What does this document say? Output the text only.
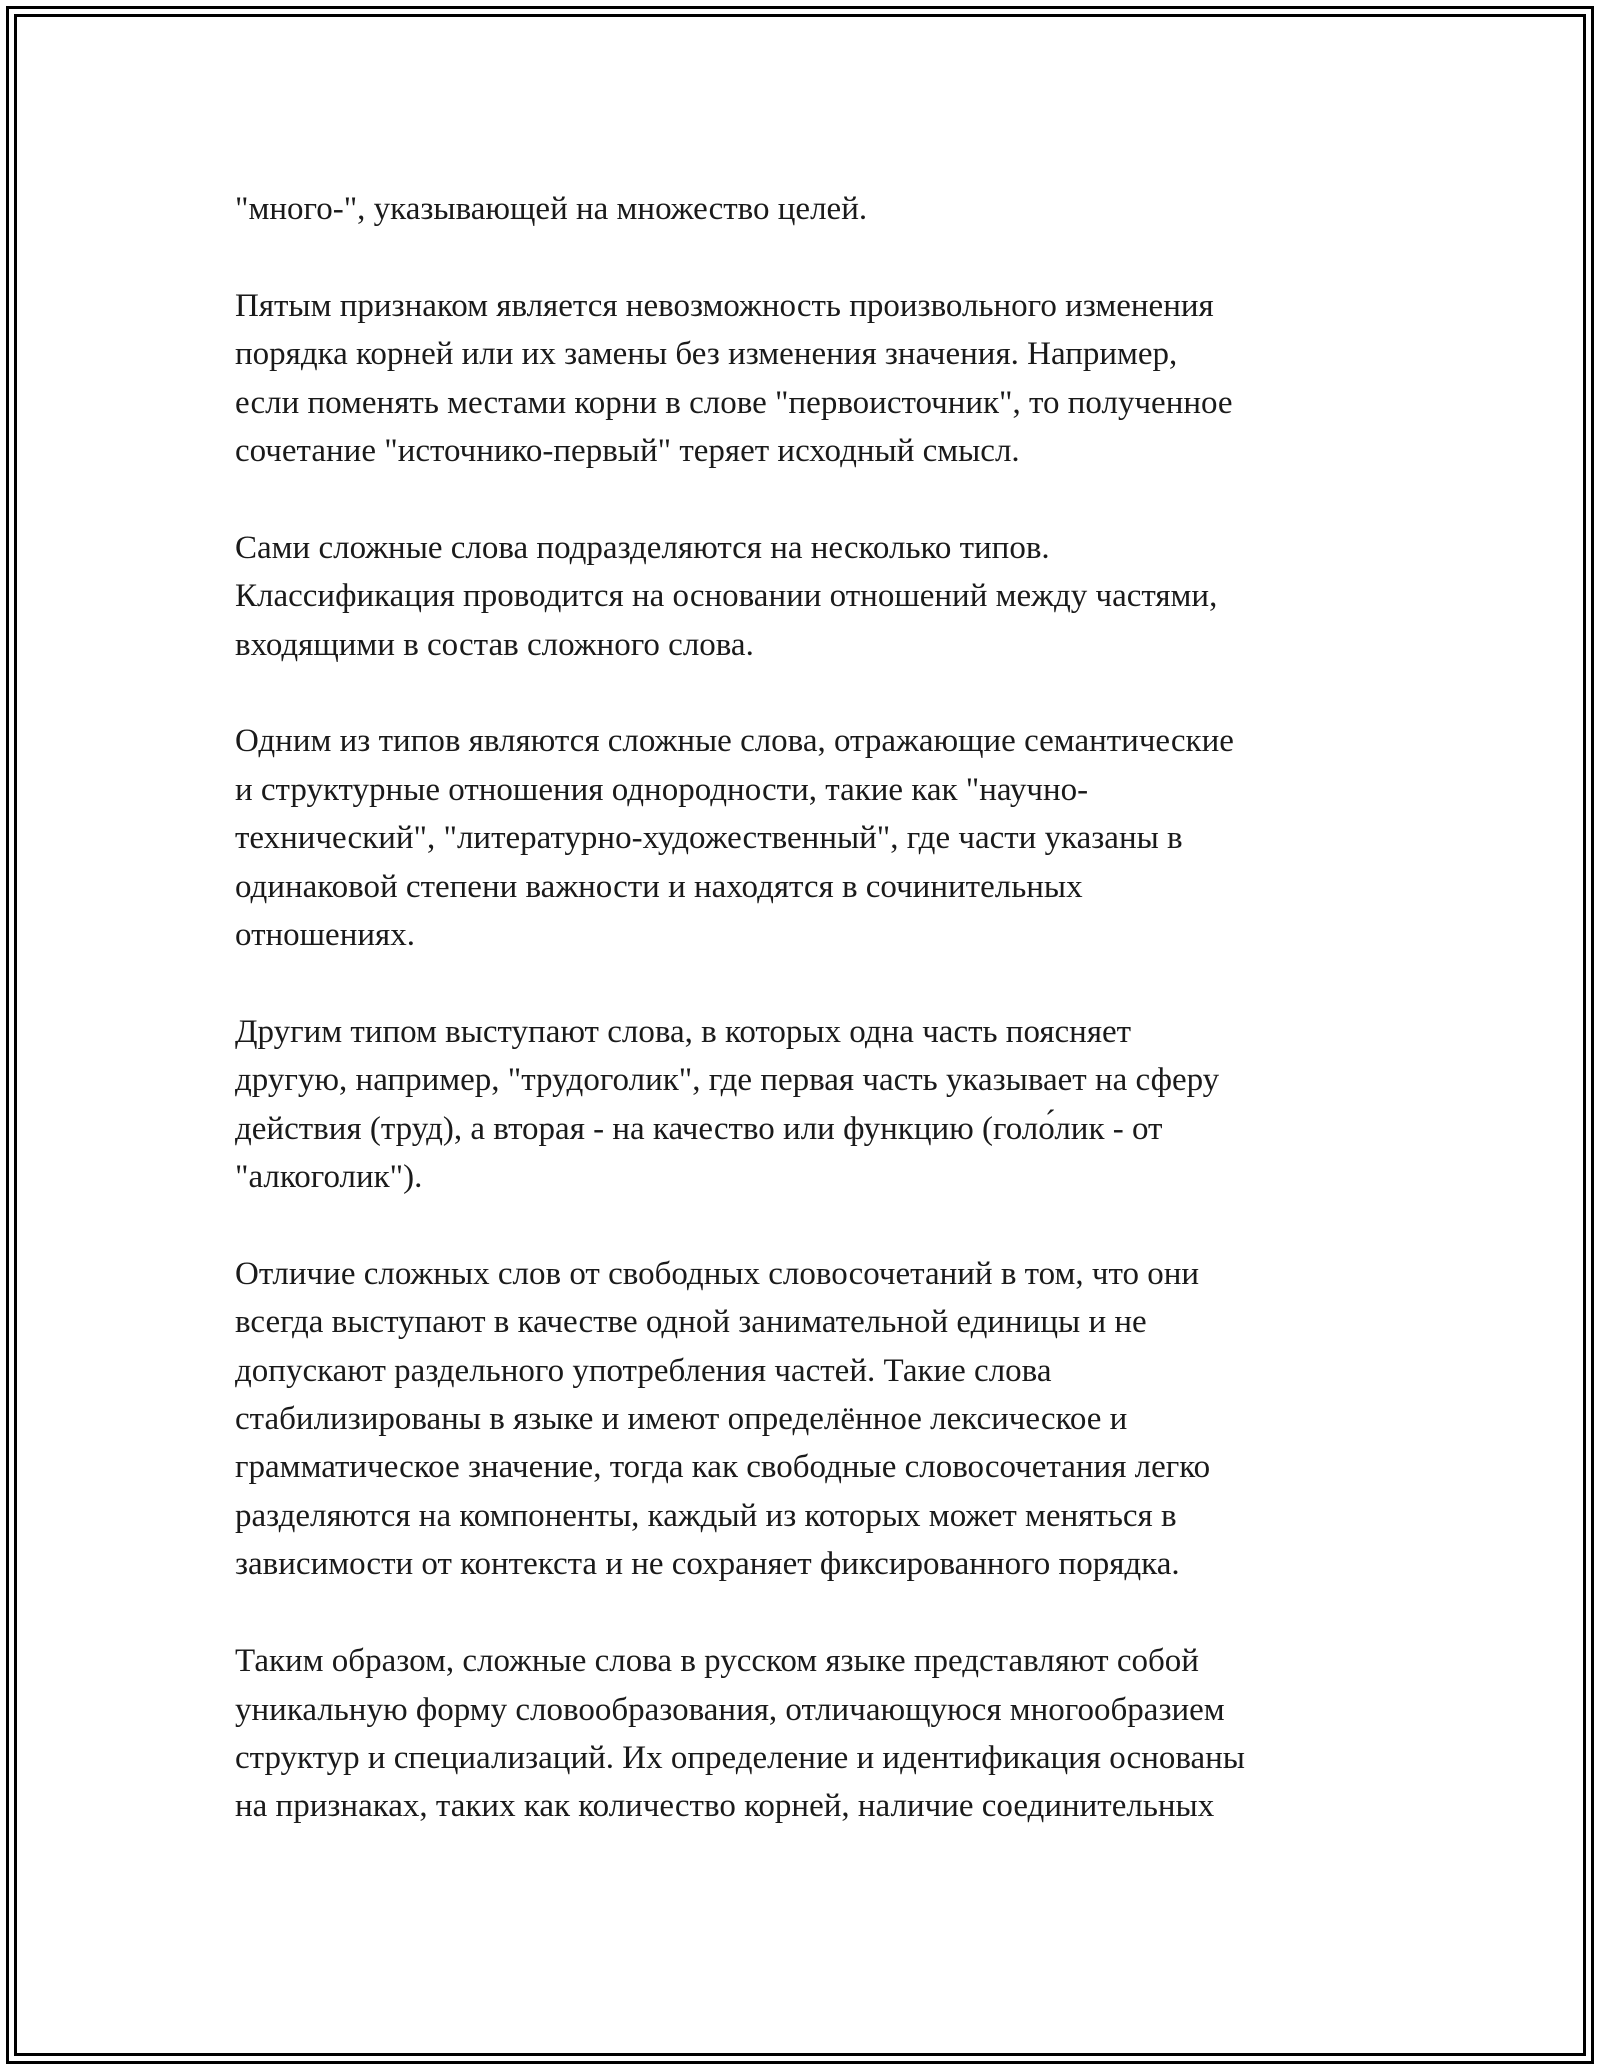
"много-", указывающей на множество целей.

Пятым признаком является невозможность произвольного изменения
порядка корней или их замены без изменения значения. Например,
если поменять местами корни в слове "первоисточник", то полученное
сочетание "источнико-первый" теряет исходный смысл.

Сами сложные слова подразделяются на несколько типов.
Классификация проводится на основании отношений между частями,
входящими в состав сложного слова.

Одним из типов являются сложные слова, отражающие семантические
и структурные отношения однородности, такие как "научно-
технический", "литературно-художественный", где части указаны в
одинаковой степени важности и находятся в сочинительных
отношениях.

Другим типом выступают слова, в которых одна часть поясняет
другую, например, "трудоголик", где первая часть указывает на сферу
действия (труд), а вторая - на качество или функцию (голо́лик - от
"алкоголик").

Отличие сложных слов от свободных словосочетаний в том, что они
всегда выступают в качестве одной занимательной единицы и не
допускают раздельного употребления частей. Такие слова
стабилизированы в языке и имеют определённое лексическое и
грамматическое значение, тогда как свободные словосочетания легко
разделяются на компоненты, каждый из которых может меняться в
зависимости от контекста и не сохраняет фиксированного порядка.

Таким образом, сложные слова в русском языке представляют собой
уникальную форму словообразования, отличающуюся многообразием
структур и специализаций. Их определение и идентификация основаны
на признаках, таких как количество корней, наличие соединительных
